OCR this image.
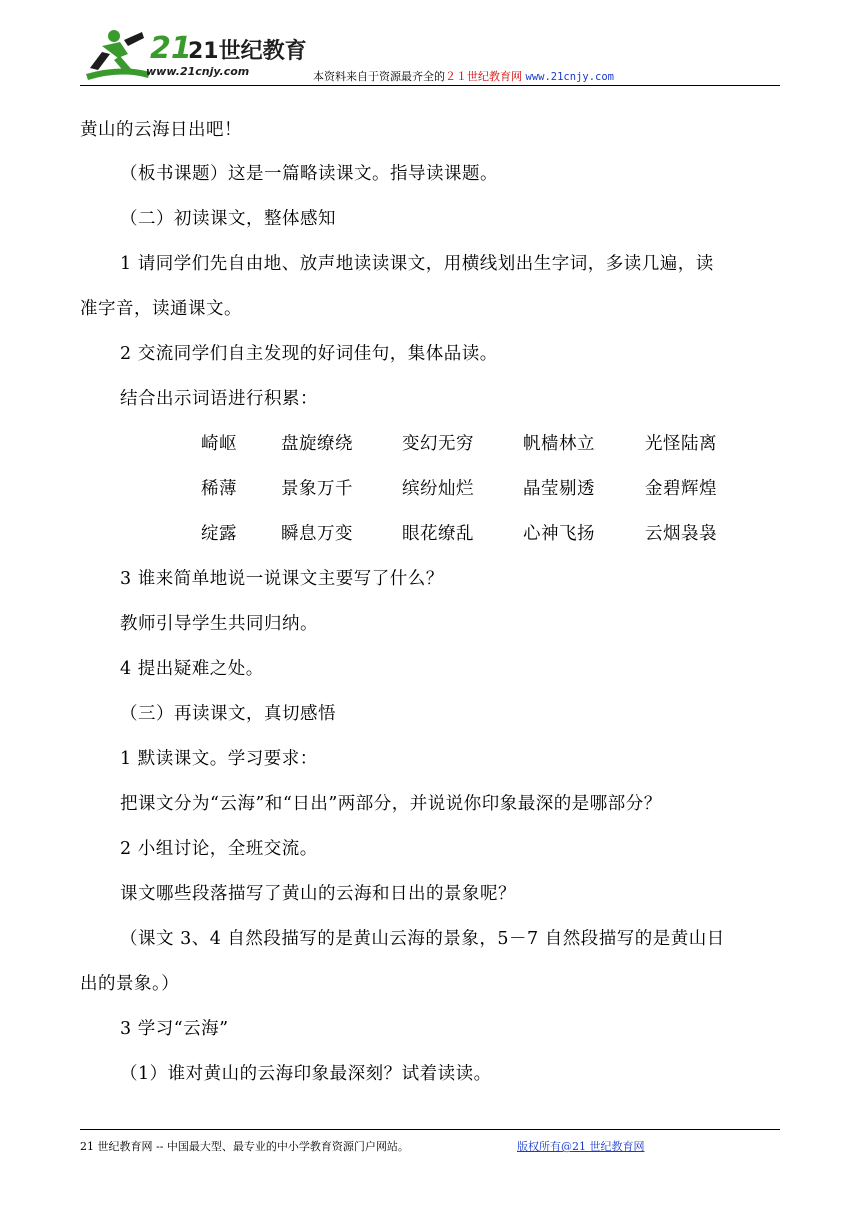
21
21世纪教育
www.21cnjy.com	本资料来自于资源最齐全的２１世纪教育网 www.21cnjy.com
黄山的云海日出吧！
（板书课题）这是一篇略读课文。指导读课题。
（二）初读课文，整体感知
1 请同学们先自由地、放声地读读课文，用横线划出生字词，多读几遍，读
准字音，读通课文。
2 交流同学们自主发现的好词佳句，集体品读。
结合出示词语进行积累：
崎岖	盘旋缭绕	变幻无穷	帆樯林立	光怪陆离
稀薄	景象万千	缤纷灿烂	晶莹剔透	金碧辉煌
绽露	瞬息万变	眼花缭乱	心神飞扬	云烟袅袅
3 谁来简单地说一说课文主要写了什么？
教师引导学生共同归纳。
4 提出疑难之处。
（三）再读课文，真切感悟
1 默读课文。学习要求：
把课文分为“云海”和“日出”两部分，并说说你印象最深的是哪部分？
2 小组讨论，全班交流。
课文哪些段落描写了黄山的云海和日出的景象呢？
（课文 3、4 自然段描写的是黄山云海的景象，5－7 自然段描写的是黄山日
出的景象。）
3 学习“云海”
（1）谁对黄山的云海印象最深刻？试着读读。
21 世纪教育网 -- 中国最大型、最专业的中小学教育资源门户网站。	版权所有@21 世纪教育网
